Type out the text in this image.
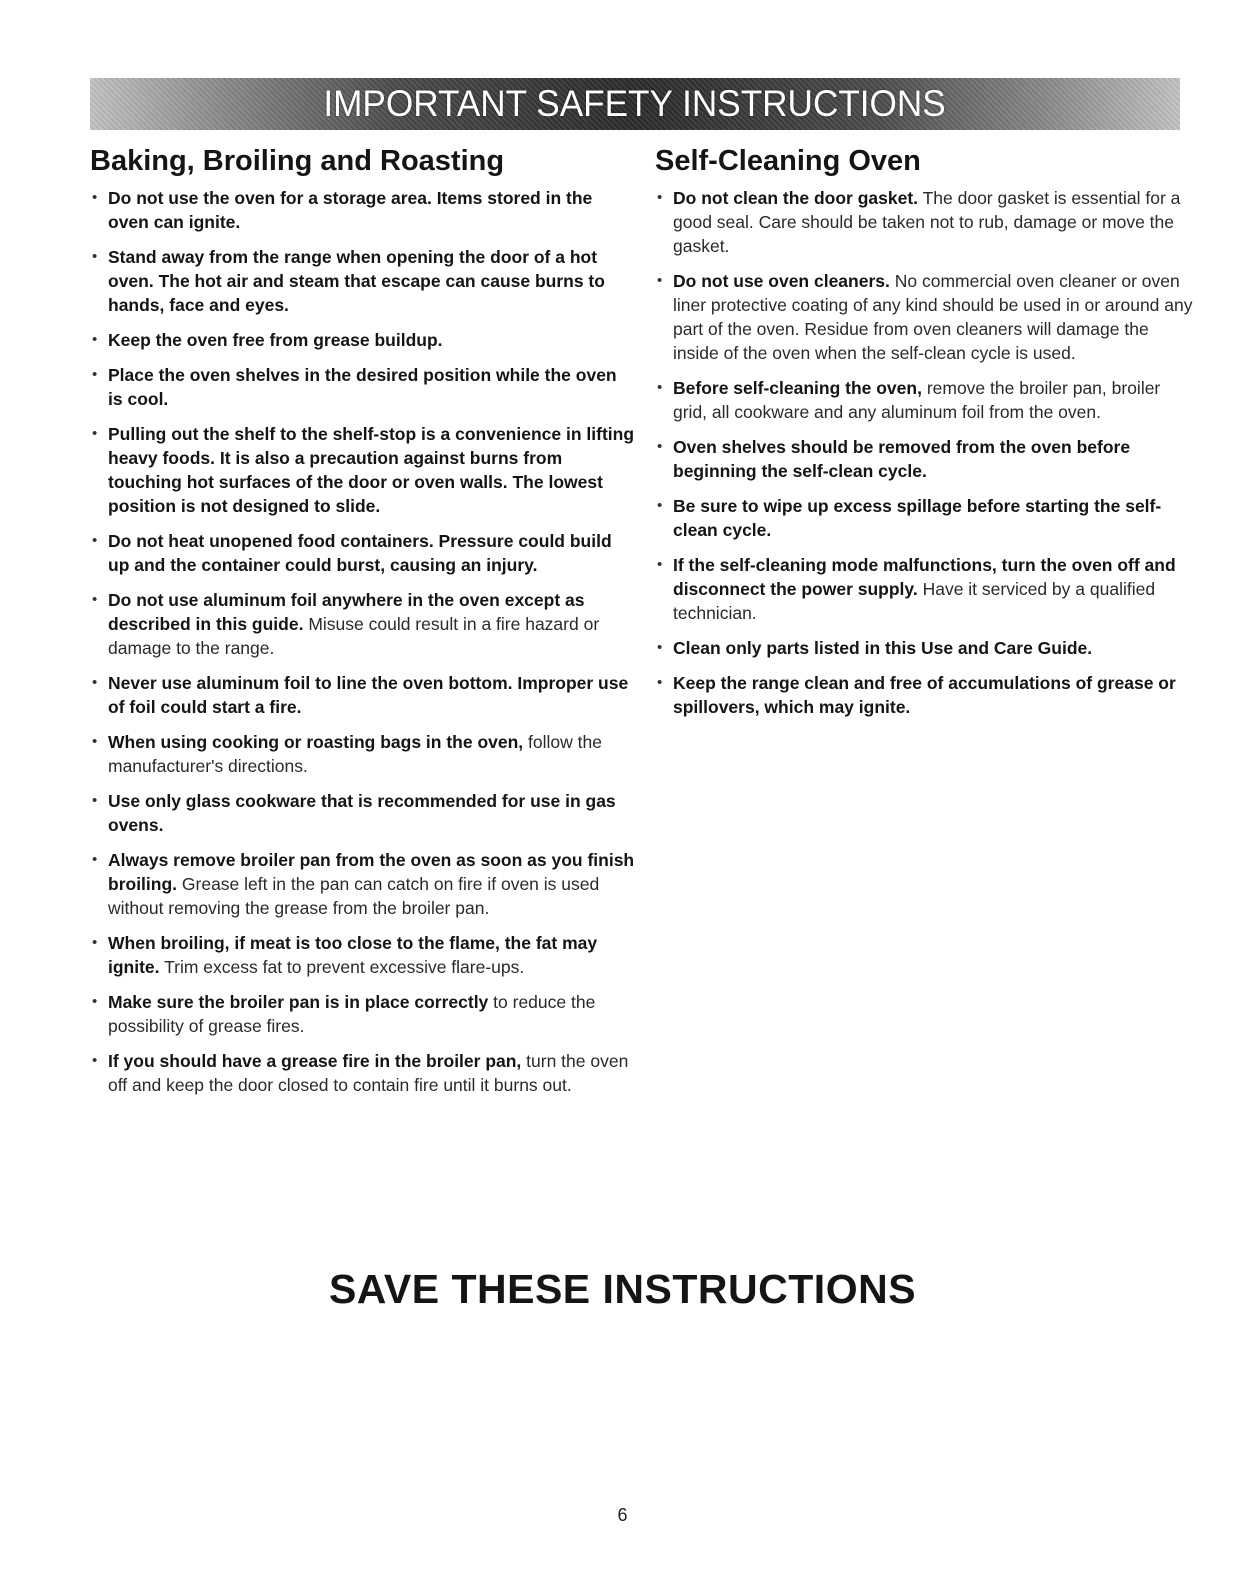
IMPORTANT SAFETY INSTRUCTIONS
Baking, Broiling and Roasting
• Do not use the oven for a storage area. Items stored in the oven can ignite.
• Stand away from the range when opening the door of a hot oven. The hot air and steam that escape can cause burns to hands, face and eyes.
• Keep the oven free from grease buildup.
• Place the oven shelves in the desired position while the oven is cool.
• Pulling out the shelf to the shelf-stop is a convenience in lifting heavy foods. It is also a precaution against burns from touching hot surfaces of the door or oven walls. The lowest position is not designed to slide.
• Do not heat unopened food containers. Pressure could build up and the container could burst, causing an injury.
• Do not use aluminum foil anywhere in the oven except as described in this guide. Misuse could result in a fire hazard or damage to the range.
• Never use aluminum foil to line the oven bottom. Improper use of foil could start a fire.
• When using cooking or roasting bags in the oven, follow the manufacturer's directions.
• Use only glass cookware that is recommended for use in gas ovens.
• Always remove broiler pan from the oven as soon as you finish broiling. Grease left in the pan can catch on fire if oven is used without removing the grease from the broiler pan.
• When broiling, if meat is too close to the flame, the fat may ignite. Trim excess fat to prevent excessive flare-ups.
• Make sure the broiler pan is in place correctly to reduce the possibility of grease fires.
• If you should have a grease fire in the broiler pan, turn the oven off and keep the door closed to contain fire until it burns out.
Self-Cleaning Oven
• Do not clean the door gasket. The door gasket is essential for a good seal. Care should be taken not to rub, damage or move the gasket.
• Do not use oven cleaners. No commercial oven cleaner or oven liner protective coating of any kind should be used in or around any part of the oven. Residue from oven cleaners will damage the inside of the oven when the self-clean cycle is used.
• Before self-cleaning the oven, remove the broiler pan, broiler grid, all cookware and any aluminum foil from the oven.
• Oven shelves should be removed from the oven before beginning the self-clean cycle.
• Be sure to wipe up excess spillage before starting the self-clean cycle.
• If the self-cleaning mode malfunctions, turn the oven off and disconnect the power supply. Have it serviced by a qualified technician.
• Clean only parts listed in this Use and Care Guide.
• Keep the range clean and free of accumulations of grease or spillovers, which may ignite.
SAVE THESE INSTRUCTIONS
6
